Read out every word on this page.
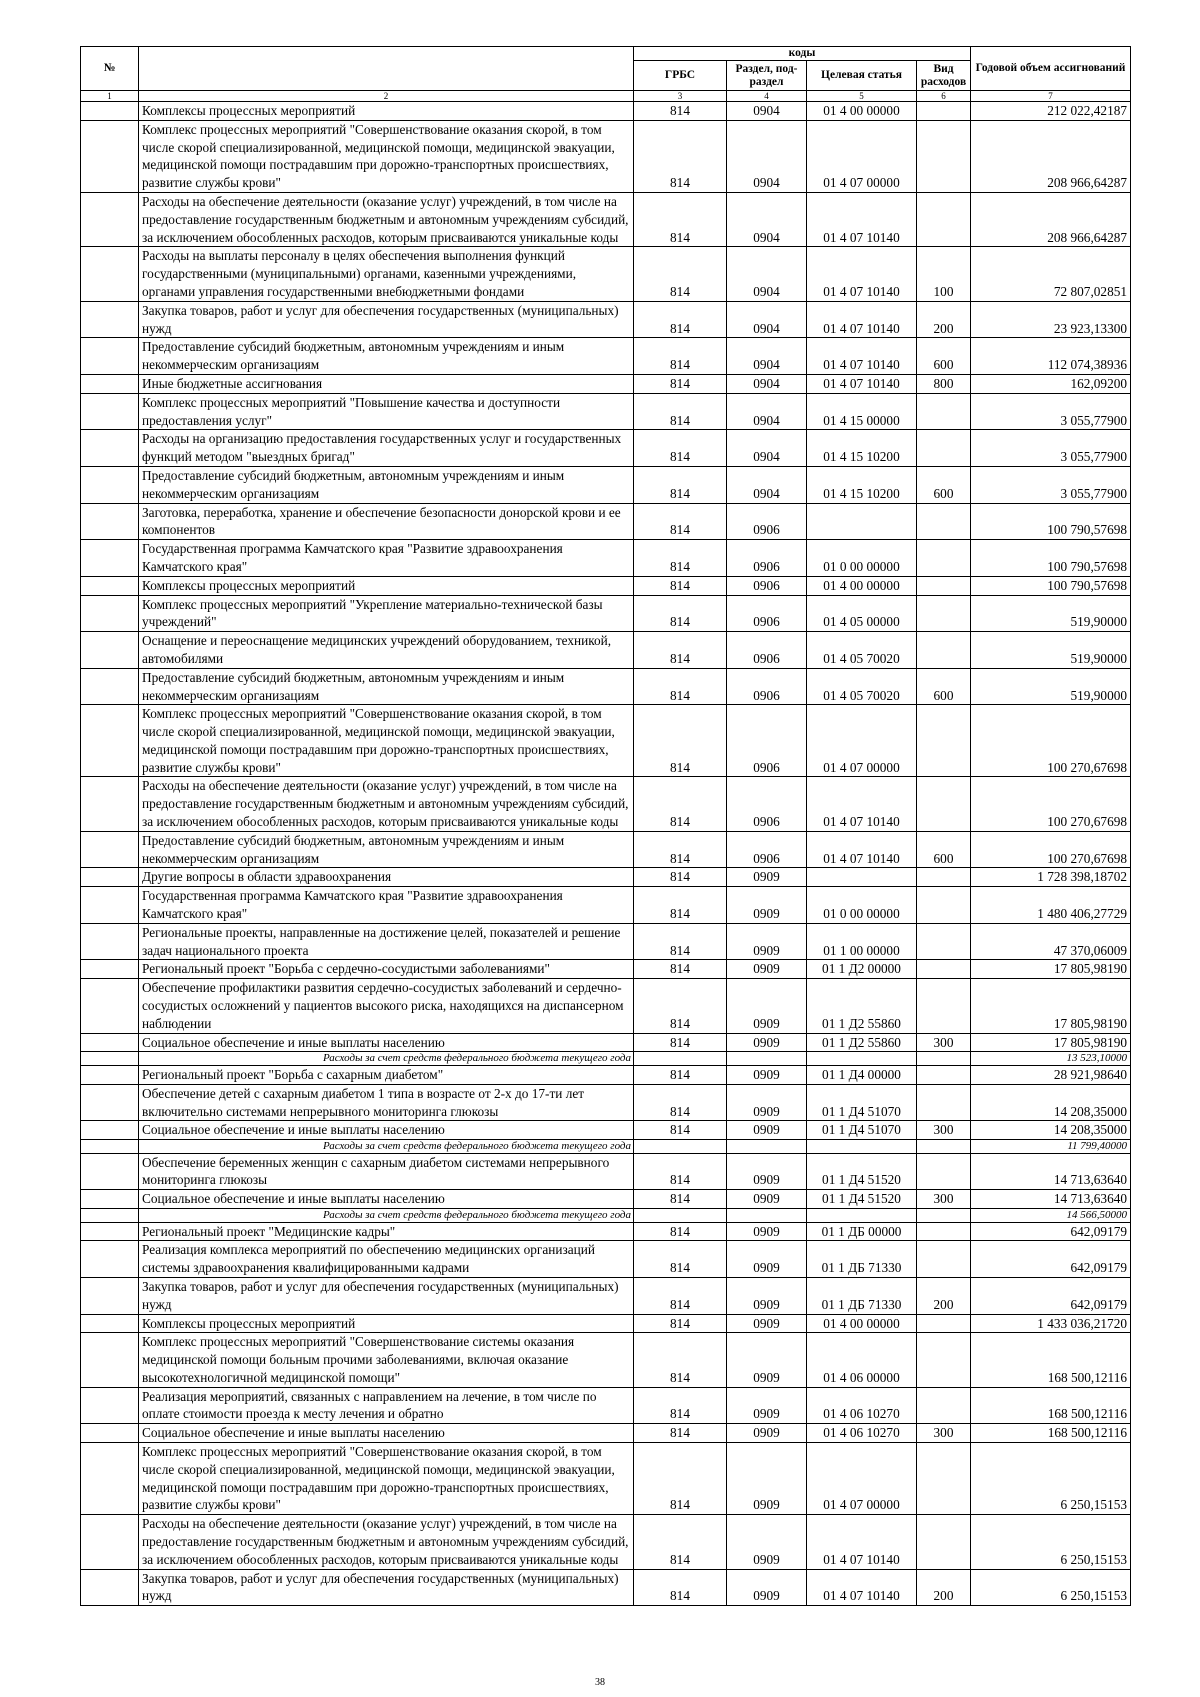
№		коды				Годовой объем ассигнований
		ГРБС	Раздел, под-раздел	Целевая статья	Вид расходов	
1	2	3	4	5	6	7
	Комплексы процессных мероприятий	814	0904	01 4 00 00000		212 022,42187
	Комплекс процессных мероприятий "Совершенствование оказания скорой, в том числе скорой специализированной, медицинской помощи, медицинской эвакуации, медицинской помощи пострадавшим при дорожно-транспортных происшествиях, развитие службы крови"	814	0904	01 4 07 00000		208 966,64287
	Расходы на обеспечение деятельности (оказание услуг) учреждений, в том числе на предоставление государственным бюджетным и автономным учреждениям субсидий, за исключением обособленных расходов, которым присваиваются уникальные коды	814	0904	01 4 07 10140		208 966,64287
	Расходы на выплаты персоналу в целях обеспечения выполнения функций государственными (муниципальными) органами, казенными учреждениями, органами управления государственными внебюджетными фондами	814	0904	01 4 07 10140	100	72 807,02851
	Закупка товаров, работ и услуг для обеспечения государственных (муниципальных) нужд	814	0904	01 4 07 10140	200	23 923,13300
	Предоставление субсидий бюджетным, автономным учреждениям и иным некоммерческим организациям	814	0904	01 4 07 10140	600	112 074,38936
	Иные бюджетные ассигнования	814	0904	01 4 07 10140	800	162,09200
	Комплекс процессных мероприятий "Повышение качества и доступности предоставления услуг"	814	0904	01 4 15 00000		3 055,77900
	Расходы на организацию предоставления государственных услуг и государственных функций методом "выездных бригад"	814	0904	01 4 15 10200		3 055,77900
	Предоставление субсидий бюджетным, автономным учреждениям и иным некоммерческим организациям	814	0904	01 4 15 10200	600	3 055,77900
	Заготовка, переработка, хранение и обеспечение безопасности донорской крови и ее компонентов	814	0906			100 790,57698
	Государственная программа Камчатского края "Развитие здравоохранения Камчатского края"	814	0906	01 0 00 00000		100 790,57698
	Комплексы процессных мероприятий	814	0906	01 4 00 00000		100 790,57698
	Комплекс процессных мероприятий "Укрепление материально-технической базы учреждений"	814	0906	01 4 05 00000		519,90000
	Оснащение и переоснащение медицинских учреждений оборудованием, техникой, автомобилями	814	0906	01 4 05 70020		519,90000
	Предоставление субсидий бюджетным, автономным учреждениям и иным некоммерческим организациям	814	0906	01 4 05 70020	600	519,90000
	Комплекс процессных мероприятий "Совершенствование оказания скорой, в том числе скорой специализированной, медицинской помощи, медицинской эвакуации, медицинской помощи пострадавшим при дорожно-транспортных происшествиях, развитие службы крови"	814	0906	01 4 07 00000		100 270,67698
	Расходы на обеспечение деятельности (оказание услуг) учреждений, в том числе на предоставление государственным бюджетным и автономным учреждениям субсидий, за исключением обособленных расходов, которым присваиваются уникальные коды	814	0906	01 4 07 10140		100 270,67698
	Предоставление субсидий бюджетным, автономным учреждениям и иным некоммерческим организациям	814	0906	01 4 07 10140	600	100 270,67698
	Другие вопросы в области здравоохранения	814	0909			1 728 398,18702
	Государственная программа Камчатского края "Развитие здравоохранения Камчатского края"	814	0909	01 0 00 00000		1 480 406,27729
	Региональные проекты, направленные на достижение целей, показателей и решение задач национального проекта	814	0909	01 1 00 00000		47 370,06009
	Региональный проект "Борьба с сердечно-сосудистыми заболеваниями"	814	0909	01 1 Д2 00000		17 805,98190
	Обеспечение профилактики развития сердечно-сосудистых заболеваний и сердечно-сосудистых осложнений у пациентов высокого риска, находящихся на диспансерном наблюдении	814	0909	01 1 Д2 55860		17 805,98190
	Социальное обеспечение и иные выплаты населению	814	0909	01 1 Д2 55860	300	17 805,98190
	Расходы за счет средств федерального бюджета текущего года					13 523,10000
	Региональный проект "Борьба с сахарным диабетом"	814	0909	01 1 Д4 00000		28 921,98640
	Обеспечение детей с сахарным диабетом 1 типа в возрасте от 2-х до 17-ти лет включительно системами непрерывного мониторинга глюкозы	814	0909	01 1 Д4 51070		14 208,35000
	Социальное обеспечение и иные выплаты населению	814	0909	01 1 Д4 51070	300	14 208,35000
	Расходы за счет средств федерального бюджета текущего года					11 799,40000
	Обеспечение беременных женщин с сахарным диабетом системами непрерывного мониторинга глюкозы	814	0909	01 1 Д4 51520		14 713,63640
	Социальное обеспечение и иные выплаты населению	814	0909	01 1 Д4 51520	300	14 713,63640
	Расходы за счет средств федерального бюджета текущего года					14 566,50000
	Региональный проект "Медицинские кадры"	814	0909	01 1 ДБ 00000		642,09179
	Реализация комплекса мероприятий по обеспечению медицинских организаций системы здравоохранения квалифицированными кадрами	814	0909	01 1 ДБ 71330		642,09179
	Закупка товаров, работ и услуг для обеспечения государственных (муниципальных) нужд	814	0909	01 1 ДБ 71330	200	642,09179
	Комплексы процессных мероприятий	814	0909	01 4 00 00000		1 433 036,21720
	Комплекс процессных мероприятий "Совершенствование системы оказания медицинской помощи больным прочими заболеваниями, включая оказание высокотехнологичной медицинской помощи"	814	0909	01 4 06 00000		168 500,12116
	Реализация мероприятий, связанных с направлением на лечение, в том числе по оплате стоимости проезда к месту лечения и обратно	814	0909	01 4 06 10270		168 500,12116
	Социальное обеспечение и иные выплаты населению	814	0909	01 4 06 10270	300	168 500,12116
	Комплекс процессных мероприятий "Совершенствование оказания скорой, в том числе скорой специализированной, медицинской помощи, медицинской эвакуации, медицинской помощи пострадавшим при дорожно-транспортных происшествиях, развитие службы крови"	814	0909	01 4 07 00000		6 250,15153
	Расходы на обеспечение деятельности (оказание услуг) учреждений, в том числе на предоставление государственным бюджетным и автономным учреждениям субсидий, за исключением обособленных расходов, которым присваиваются уникальные коды	814	0909	01 4 07 10140		6 250,15153
	Закупка товаров, работ и услуг для обеспечения государственных (муниципальных) нужд	814	0909	01 4 07 10140	200	6 250,15153
38
